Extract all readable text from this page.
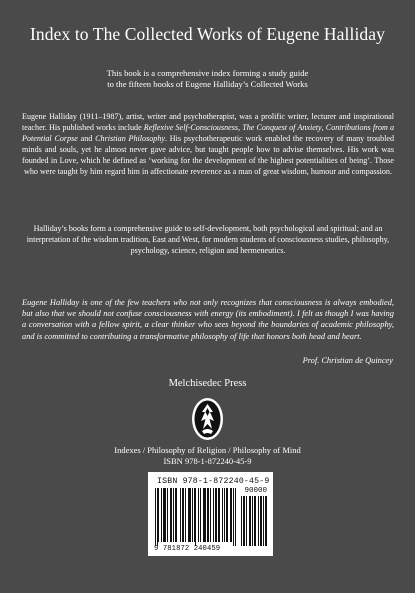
Index to The Collected Works of Eugene Halliday
This book is a comprehensive index forming a study guide
to the fifteen books of Eugene Halliday’s Collected Works
Eugene Halliday (1911–1987), artist, writer and psychotherapist, was a prolific writer, lecturer and inspirational teacher. His published works include Reflexive Self-Consciousness, The Conquest of Anxiety, Contributions from a Potential Corpse and Christian Philosophy. His psychotherapeutic work enabled the recovery of many troubled minds and souls, yet he almost never gave advice, but taught people how to advise themselves. His work was founded in Love, which he defined as ‘working for the development of the highest potentialities of being’. Those who were taught by him regard him in affectionate reverence as a man of great wisdom, humour and compassion.
Halliday’s books form a comprehensive guide to self-development, both psychological and spiritual; and an interpretation of the wisdom tradition, East and West, for modern students of consciousness studies, philosophy, psychology, science, religion and hermeneutics.
Eugene Halliday is one of the few teachers who not only recognizes that consciousness is always embodied, but also that we should not confuse consciousness with energy (its embodiment). I felt as though I was having a conversation with a fellow spirit, a clear thinker who sees beyond the boundaries of academic philosophy, and is committed to contributing a transformative philosophy of life that honors both head and heart.
Prof. Christian de Quincey
Melchisedec Press
Indexes / Philosophy of Religion / Philosophy of Mind
ISBN 978-1-872240-45-9
ISBN 978-1-872240-45-9
90000
9 781872 240459
